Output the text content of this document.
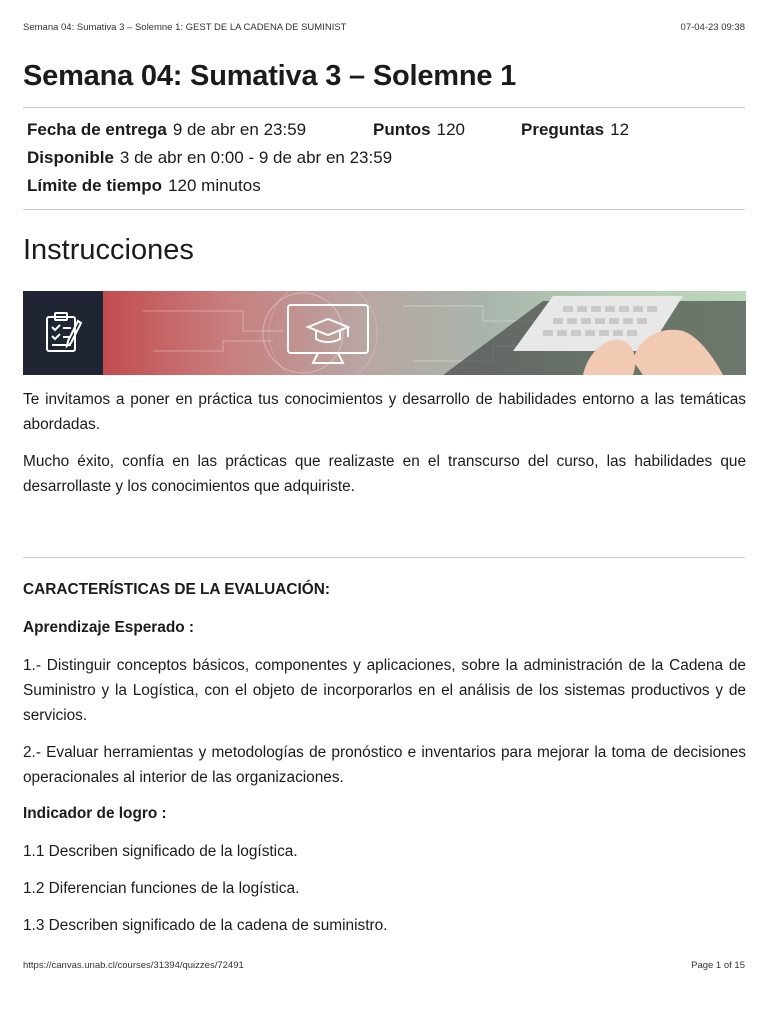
Semana 04: Sumativa 3 – Solemne 1: GEST DE LA CADENA DE SUMINIST	07-04-23 09:38
Semana 04: Sumativa 3 – Solemne 1
Fecha de entrega 9 de abr en 23:59	Puntos 120	Preguntas 12
Disponible 3 de abr en 0:00 - 9 de abr en 23:59
Límite de tiempo 120 minutos
Instrucciones

Te invitamos a poner en práctica tus conocimientos y desarrollo de habilidades entorno a las temáticas abordadas.

Mucho éxito, confía en las prácticas que realizaste en el transcurso del curso, las habilidades que desarrollaste y los conocimientos que adquiriste.

CARACTERÍSTICAS DE LA EVALUACIÓN:

Aprendizaje Esperado :

1.- Distinguir conceptos básicos, componentes y aplicaciones, sobre la administración de la Cadena de Suministro y la Logística, con el objeto de incorporarlos en el análisis de los sistemas productivos y de servicios.

2.- Evaluar herramientas y metodologías de pronóstico e inventarios para mejorar la toma de decisiones operacionales al interior de las organizaciones.

Indicador de logro :

1.1 Describen significado de la logística.

1.2 Diferencian funciones de la logística.

1.3 Describen significado de la cadena de suministro.

https://canvas.unab.cl/courses/31394/quizzes/72491	Page 1 of 15
